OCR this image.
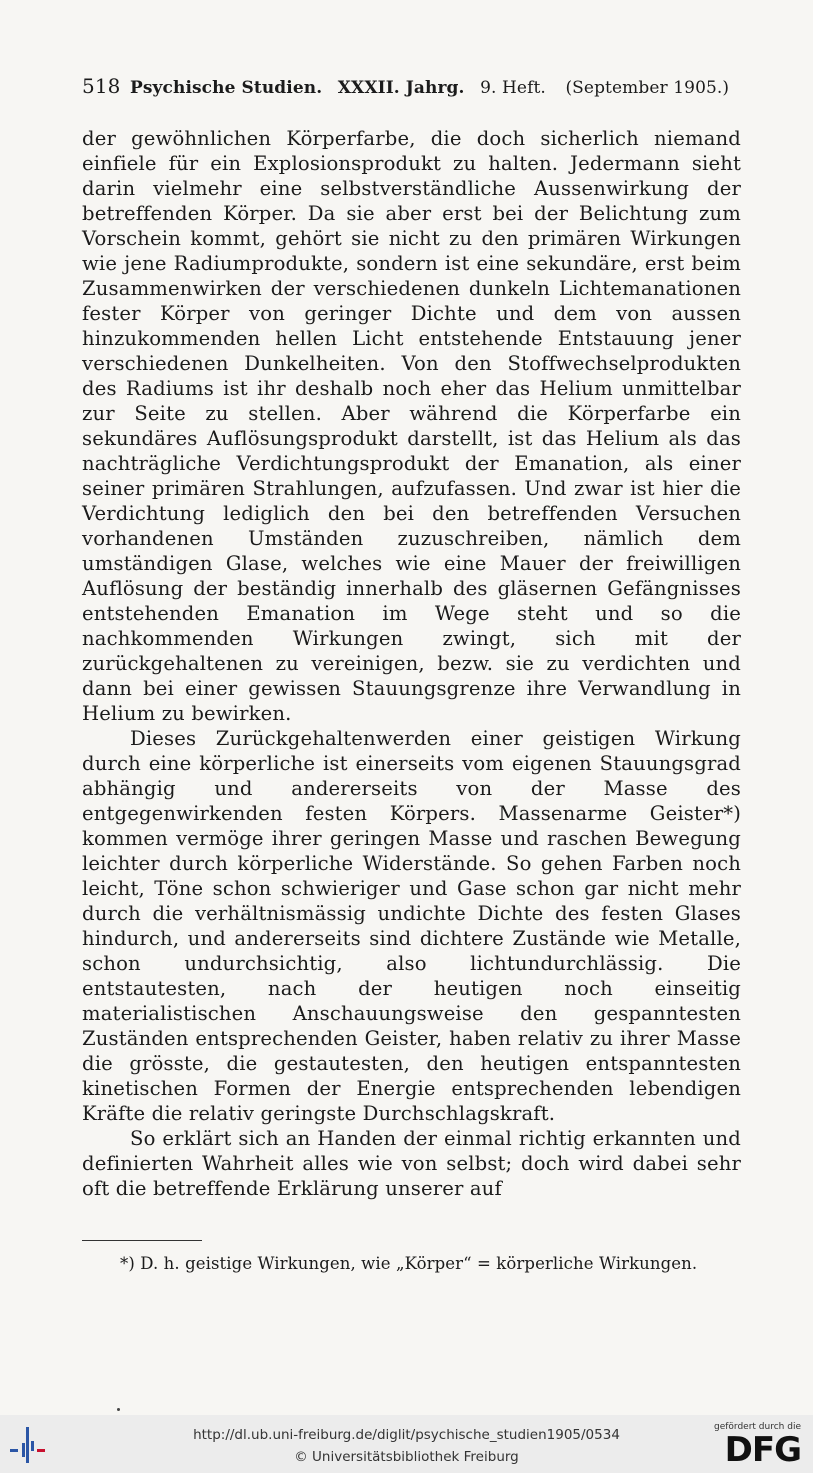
518 Psychische Studien. XXXII. Jahrg. 9. Heft. (September 1905.)

der gewöhnlichen Körperfarbe, die doch sicherlich niemand einfiele für ein Explosionsprodukt zu halten. Jedermann sieht darin vielmehr eine selbstverständliche Aussenwirkung der betreffenden Körper. Da sie aber erst bei der Belichtung zum Vorschein kommt, gehört sie nicht zu den primären Wirkungen wie jene Radiumprodukte, sondern ist eine sekundäre, erst beim Zusammenwirken der verschiedenen dunkeln Lichtemanationen fester Körper von geringer Dichte und dem von aussen hinzukommenden hellen Licht entstehende Entstauung jener verschiedenen Dunkelheiten. Von den Stoffwechselprodukten des Radiums ist ihr deshalb noch eher das Helium unmittelbar zur Seite zu stellen. Aber während die Körperfarbe ein sekundäres Auflösungsprodukt darstellt, ist das Helium als das nachträgliche Verdichtungsprodukt der Emanation, als einer seiner primären Strahlungen, aufzufassen. Und zwar ist hier die Verdichtung lediglich den bei den betreffenden Versuchen vorhandenen Umständen zuzuschreiben, nämlich dem umständigen Glase, welches wie eine Mauer der freiwilligen Auflösung der beständig innerhalb des gläsernen Gefängnisses entstehenden Emanation im Wege steht und so die nachkommenden Wirkungen zwingt, sich mit der zurückgehaltenen zu vereinigen, bezw. sie zu verdichten und dann bei einer gewissen Stauungsgrenze ihre Verwandlung in Helium zu bewirken.

Dieses Zurückgehaltenwerden einer geistigen Wirkung durch eine körperliche ist einerseits vom eigenen Stauungsgrad abhängig und andererseits von der Masse des entgegenwirkenden festen Körpers. Massenarme Geister*) kommen vermöge ihrer geringen Masse und raschen Bewegung leichter durch körperliche Widerstände. So gehen Farben noch leicht, Töne schon schwieriger und Gase schon gar nicht mehr durch die verhältnismässig undichte Dichte des festen Glases hindurch, und andererseits sind dichtere Zustände wie Metalle, schon undurchsichtig, also lichtundurchlässig. Die entstautesten, nach der heutigen noch einseitig materialistischen Anschauungsweise den gespanntesten Zuständen entsprechenden Geister, haben relativ zu ihrer Masse die grösste, die gestautesten, den heutigen entspanntesten kinetischen Formen der Energie entsprechenden lebendigen Kräfte die relativ geringste Durchschlagskraft.

So erklärt sich an Handen der einmal richtig erkannten und definierten Wahrheit alles wie von selbst; doch wird dabei sehr oft die betreffende Erklärung unserer auf

*) D. h. geistige Wirkungen, wie „Körper“ = körperliche Wirkungen.
http://dl.ub.uni-freiburg.de/diglit/psychische_studien1905/0534
© Universitätsbibliothek Freiburg
gefördert durch die
DFG
